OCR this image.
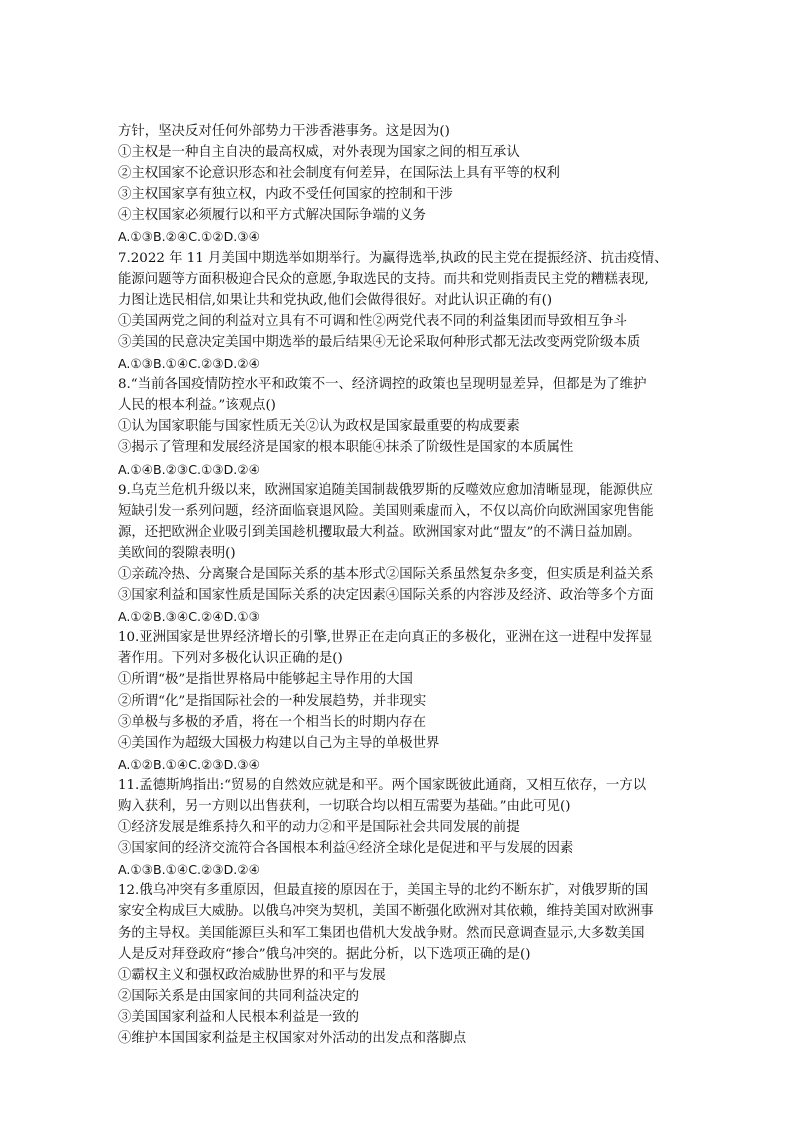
方针，坚决反对任何外部势力干涉香港事务。这是因为()
①主权是一种自主自决的最高权威，对外表现为国家之间的相互承认
②主权国家不论意识形态和社会制度有何差异，在国际法上具有平等的权利
③主权国家享有独立权，内政不受任何国家的控制和干涉
④主权国家必须履行以和平方式解决国际争端的义务
A.①③B.②④C.①②D.③④
7.2022 年 11 月美国中期选举如期举行。为赢得选举,执政的民主党在提振经济、抗击疫情、
能源问题等方面积极迎合民众的意愿,争取选民的支持。而共和党则指责民主党的糟糕表现,
力图让选民相信,如果让共和党执政,他们会做得很好。对此认识正确的有()
①美国两党之间的利益对立具有不可调和性②两党代表不同的利益集团而导致相互争斗
③美国的民意决定美国中期选举的最后结果④无论采取何种形式都无法改变两党阶级本质
A.①③B.①④C.②③D.②④
8.“当前各国疫情防控水平和政策不一、经济调控的政策也呈现明显差异，但都是为了维护
人民的根本利益。”该观点()
①认为国家职能与国家性质无关②认为政权是国家最重要的构成要素
③揭示了管理和发展经济是国家的根本职能④抹杀了阶级性是国家的本质属性
A.①④B.②③C.①③D.②④
9.乌克兰危机升级以来，欧洲国家追随美国制裁俄罗斯的反噬效应愈加清晰显现，能源供应
短缺引发一系列问题，经济面临衰退风险。美国则乘虚而入，不仅以高价向欧洲国家兜售能
源，还把欧洲企业吸引到美国趁机攫取最大利益。欧洲国家对此“盟友”的不满日益加剧。
美欧间的裂隙表明()
①亲疏冷热、分离聚合是国际关系的基本形式②国际关系虽然复杂多变，但实质是利益关系
③国家利益和国家性质是国际关系的决定因素④国际关系的内容涉及经济、政治等多个方面
A.①②B.③④C.②④D.①③
10.亚洲国家是世界经济增长的引擎,世界正在走向真正的多极化，亚洲在这一进程中发挥显
著作用。下列对多极化认识正确的是()
①所谓“极”是指世界格局中能够起主导作用的大国
②所谓“化”是指国际社会的一种发展趋势，并非现实
③单极与多极的矛盾，将在一个相当长的时期内存在
④美国作为超级大国极力构建以自己为主导的单极世界
A.①②B.①④C.②③D.③④
11.孟德斯鸠指出:“贸易的自然效应就是和平。两个国家既彼此通商，又相互依存，一方以
购入获利，另一方则以出售获利，一切联合均以相互需要为基础。”由此可见()
①经济发展是维系持久和平的动力②和平是国际社会共同发展的前提
③国家间的经济交流符合各国根本利益④经济全球化是促进和平与发展的因素
A.①③B.①④C.②③D.②④
12.俄乌冲突有多重原因，但最直接的原因在于，美国主导的北约不断东扩，对俄罗斯的国
家安全构成巨大威胁。以俄乌冲突为契机，美国不断强化欧洲对其依赖，维持美国对欧洲事
务的主导权。美国能源巨头和军工集团也借机大发战争财。然而民意调查显示,大多数美国
人是反对拜登政府“掺合”俄乌冲突的。据此分析，以下选项正确的是()
①霸权主义和强权政治威胁世界的和平与发展
②国际关系是由国家间的共同利益决定的
③美国国家利益和人民根本利益是一致的
④维护本国国家利益是主权国家对外活动的出发点和落脚点
